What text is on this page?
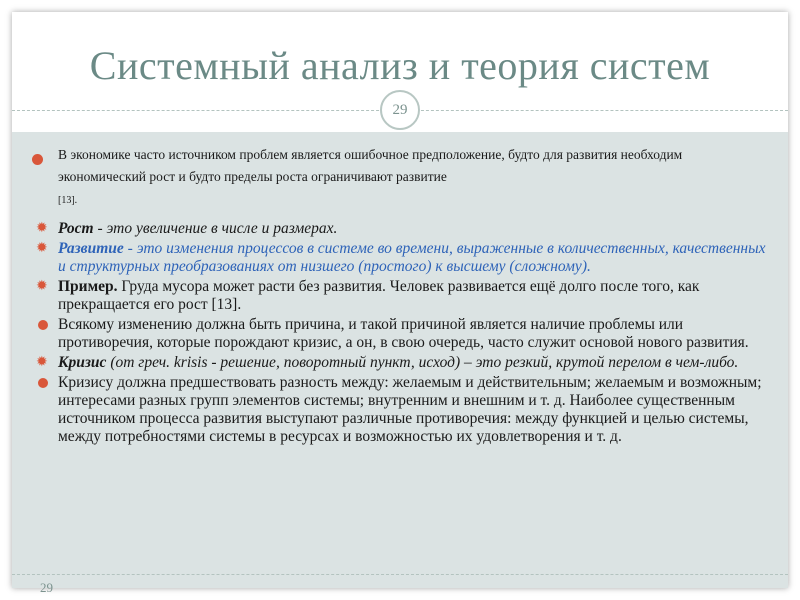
Системный анализ и теория систем
В экономике часто источником проблем является ошибочное предположение, будто для развития необходим экономический рост и будто пределы роста ограничивают развитие
[13].
✹ Рост - это увеличение в числе и размерах.
✹ Развитие - это изменения процессов в системе во времени, выраженные в количественных, качественных и структурных преобразованиях от низшего (простого) к высшему (сложному).
✹ Пример. Груда мусора может расти без развития. Человек развивается ещё долго после того, как прекращается его рост [13].
Всякому изменению должна быть причина, и такой причиной является наличие проблемы или противоречия, которые порождают кризис, а он, в свою очередь, часто служит основой нового развития.
✹ Кризис (от греч. krisis - решение, поворотный пункт, исход) – это резкий, крутой перелом в чем-либо.
Кризису должна предшествовать разность между: желаемым и действительным; желаемым и возможным; интересами разных групп элементов системы; внутренним и внешним и т. д. Наиболее существенным источником процесса развития выступают различные противоречия: между функцией и целью системы, между потребностями системы в ресурсах и возможностью их удовлетворения и т. д.
29
29
